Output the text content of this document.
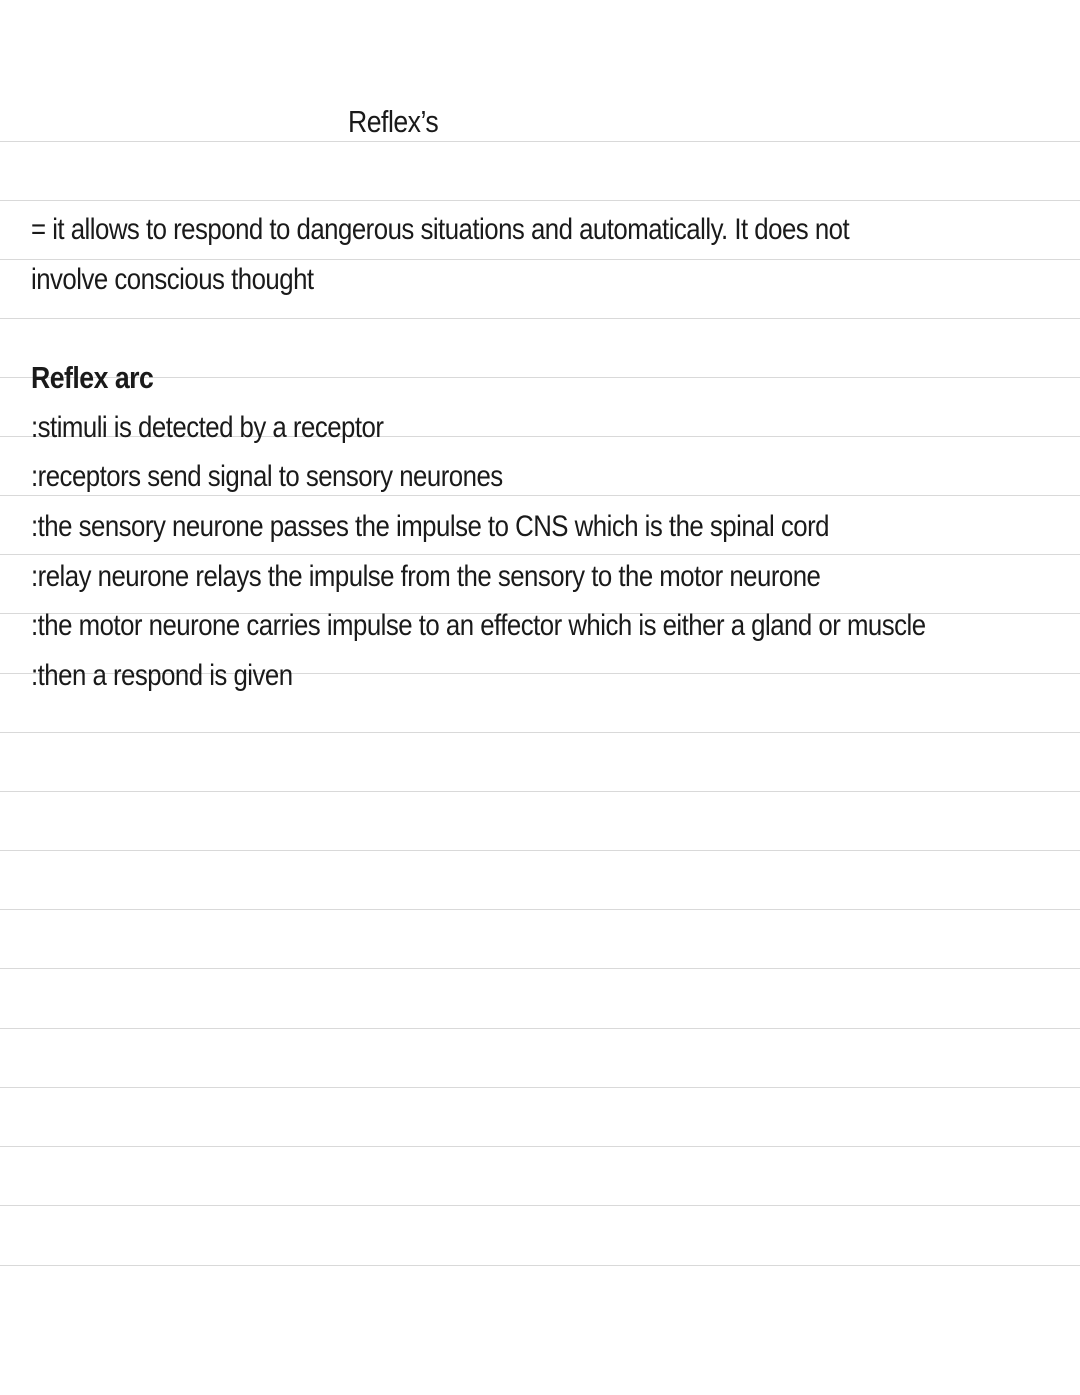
Reflex’s
= it allows to respond to dangerous situations and automatically. It does not
involve conscious thought
Reflex arc
:stimuli is detected by a receptor
:receptors send signal to sensory neurones
:the sensory neurone passes the impulse to CNS which is the spinal cord
:relay neurone relays the impulse from the sensory to the motor neurone
:the motor neurone carries impulse to an effector which is either a gland or muscle
:then a respond is given
